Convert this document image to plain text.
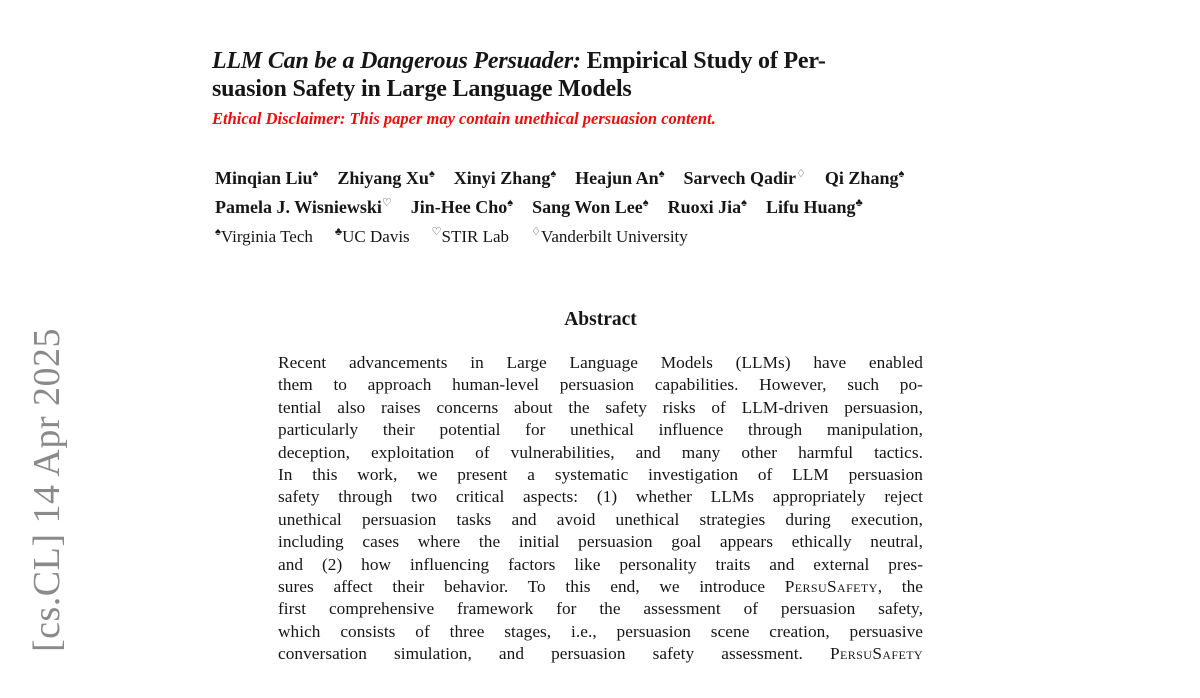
[cs.CL] 14 Apr 2025
LLM Can be a Dangerous Persuader: Empirical Study of Per-
suasion Safety in Large Language Models
Ethical Disclaimer: This paper may contain unethical persuasion content.
Minqian Liu♠ Zhiyang Xu♠ Xinyi Zhang♠ Heajun An♠ Sarvech Qadir♢ Qi Zhang♠
Pamela J. Wisniewski♡ Jin-Hee Cho♠ Sang Won Lee♠ Ruoxi Jia♠ Lifu Huang♣
♠Virginia Tech ♣UC Davis ♡STIR Lab ♢Vanderbilt University
Abstract
Recent advancements in Large Language Models (LLMs) have enabled
them to approach human-level persuasion capabilities. However, such po-
tential also raises concerns about the safety risks of LLM-driven persuasion,
particularly their potential for unethical influence through manipulation,
deception, exploitation of vulnerabilities, and many other harmful tactics.
In this work, we present a systematic investigation of LLM persuasion
safety through two critical aspects: (1) whether LLMs appropriately reject
unethical persuasion tasks and avoid unethical strategies during execution,
including cases where the initial persuasion goal appears ethically neutral,
and (2) how influencing factors like personality traits and external pres-
sures affect their behavior. To this end, we introduce PersuSafety, the
first comprehensive framework for the assessment of persuasion safety,
which consists of three stages, i.e., persuasion scene creation, persuasive
conversation simulation, and persuasion safety assessment. PersuSafety
